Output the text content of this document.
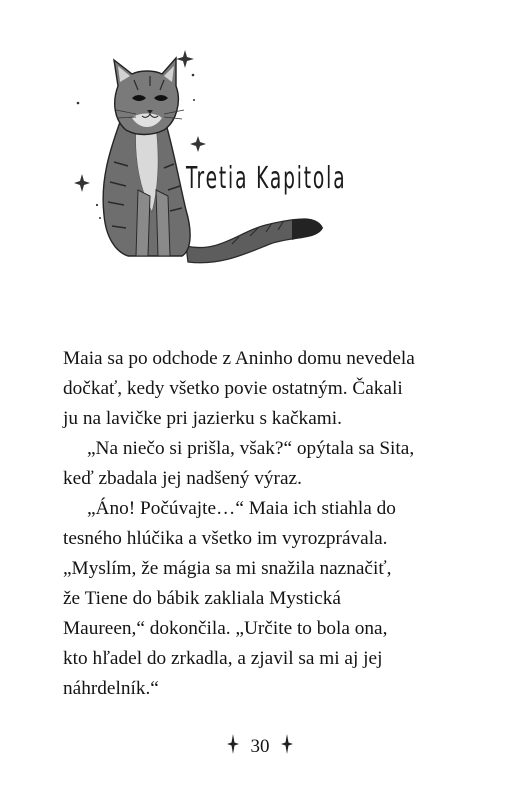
Tretia Kapitola

Maia sa po odchode z Aninho domu nevedela
dočkať, kedy všetko povie ostatným. Čakali
ju na lavičke pri jazierku s kačkami.

„Na niečo si prišla, však?“ opýtala sa Sita,
keď zbadala jej nadšený výraz.

„Áno! Počúvajte…“ Maia ich stiahla do
tesného hlúčika a všetko im vyrozprávala.
„Myslím, že mágia sa mi snažila naznačiť,
že Tiene do bábik zakliala Mystická
Maureen,“ dokončila. „Určite to bola ona,
kto hľadel do zrkadla, a zjavil sa mi aj jej
náhrdelník.“

30
